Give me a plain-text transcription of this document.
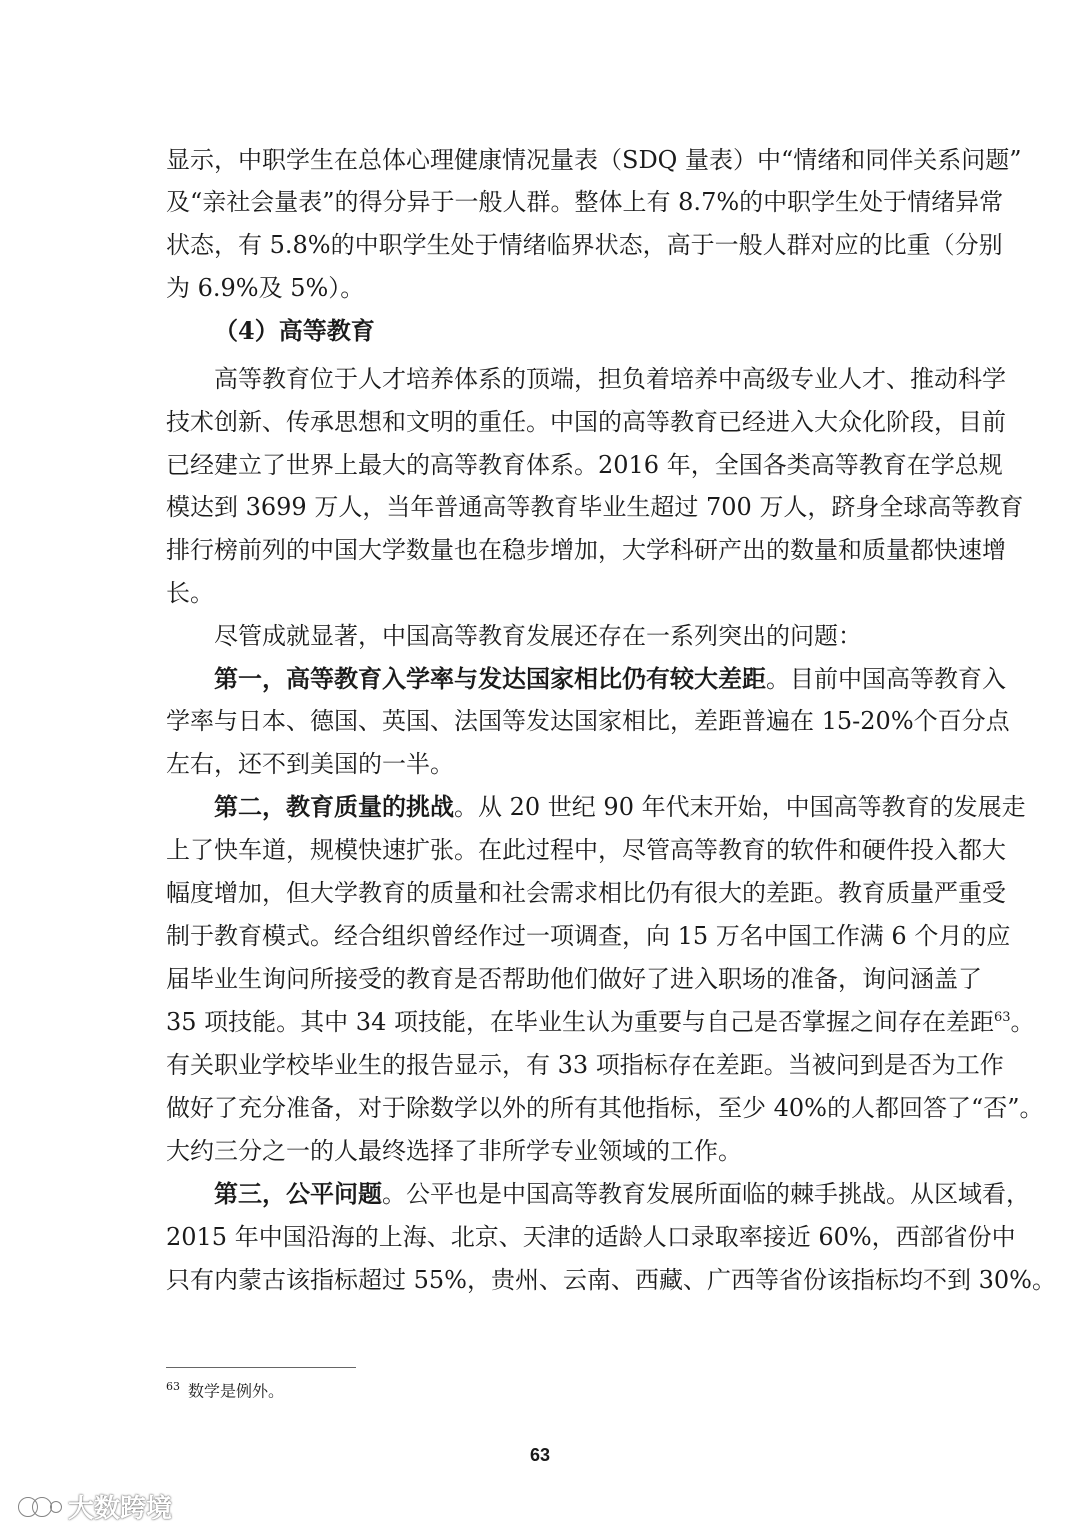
显示，中职学生在总体心理健康情况量表（SDQ 量表）中“情绪和同伴关系问题”
及“亲社会量表”的得分异于一般人群。整体上有 8.7%的中职学生处于情绪异常
状态，有 5.8%的中职学生处于情绪临界状态，高于一般人群对应的比重（分别
为 6.9%及 5%）。
（4）高等教育
高等教育位于人才培养体系的顶端，担负着培养中高级专业人才、推动科学
技术创新、传承思想和文明的重任。中国的高等教育已经进入大众化阶段，目前
已经建立了世界上最大的高等教育体系。2016 年，全国各类高等教育在学总规
模达到 3699 万人，当年普通高等教育毕业生超过 700 万人，跻身全球高等教育
排行榜前列的中国大学数量也在稳步增加，大学科研产出的数量和质量都快速增
长。
尽管成就显著，中国高等教育发展还存在一系列突出的问题：
第一，高等教育入学率与发达国家相比仍有较大差距。目前中国高等教育入
学率与日本、德国、英国、法国等发达国家相比，差距普遍在 15-20%个百分点
左右，还不到美国的一半。
第二，教育质量的挑战。从 20 世纪 90 年代末开始，中国高等教育的发展走
上了快车道，规模快速扩张。在此过程中，尽管高等教育的软件和硬件投入都大
幅度增加，但大学教育的质量和社会需求相比仍有很大的差距。教育质量严重受
制于教育模式。经合组织曾经作过一项调查，向 15 万名中国工作满 6 个月的应
届毕业生询问所接受的教育是否帮助他们做好了进入职场的准备，询问涵盖了
35 项技能。其中 34 项技能，在毕业生认为重要与自己是否掌握之间存在差距$^{63}$。
有关职业学校毕业生的报告显示，有 33 项指标存在差距。当被问到是否为工作
做好了充分准备，对于除数学以外的所有其他指标，至少 40%的人都回答了“否”。
大约三分之一的人最终选择了非所学专业领域的工作。
第三，公平问题。公平也是中国高等教育发展所面临的棘手挑战。从区域看，
2015 年中国沿海的上海、北京、天津的适龄人口录取率接近 60%，西部省份中
只有内蒙古该指标超过 55%，贵州、云南、西藏、广西等省份该指标均不到 30%。
$^{63}$ 数学是例外。
63
大数跨境
